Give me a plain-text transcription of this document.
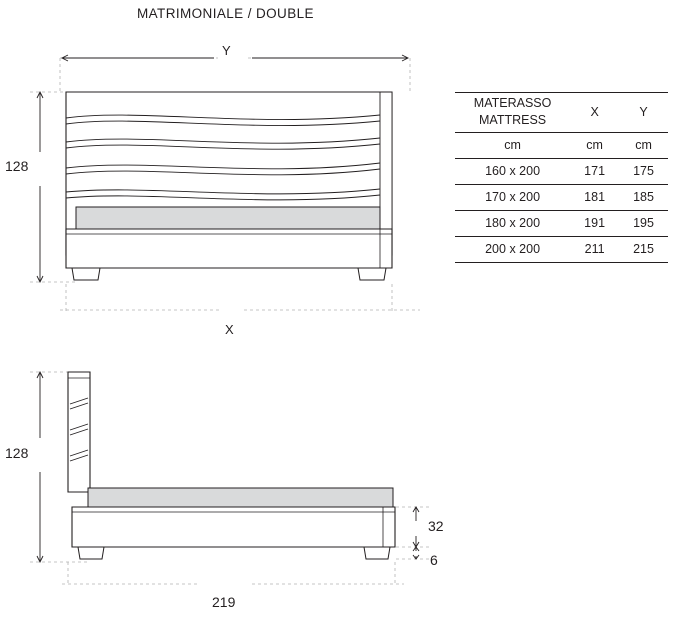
MATRIMONIALE / DOUBLE
Y
128
X
128
32
6
219
MATERASSO
MATTRESS	X	Y
cm	cm	cm
160 x 200	171	175
170 x 200	181	185
180 x 200	191	195
200 x 200	211	215
